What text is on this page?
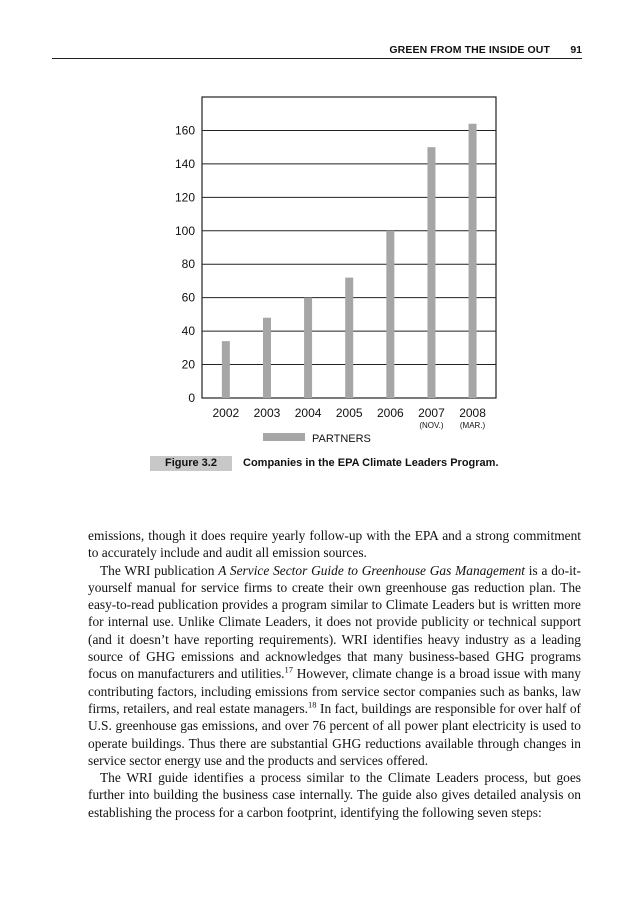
GREEN FROM THE INSIDE OUT 91
0
20
40
60
80
100
120
140
160
2002 2003 2004 2005 2006 2007
(NOV.)
2008
(MAR.)
PARTNERS
Figure 3.2	Companies in the EPA Climate Leaders Program.

emissions, though it does require yearly follow-up with the EPA and a strong commitment to accurately include and audit all emission sources.

The WRI publication A Service Sector Guide to Greenhouse Gas Management is a do-it-yourself manual for service firms to create their own greenhouse gas reduction plan. The easy-to-read publication provides a program similar to Climate Leaders but is written more for internal use. Unlike Climate Leaders, it does not provide publicity or technical support (and it doesn’t have reporting requirements). WRI identifies heavy industry as a leading source of GHG emissions and acknowledges that many business-based GHG programs focus on manufacturers and utilities.$^{17}$ However, climate change is a broad issue with many contributing factors, including emissions from service sector companies such as banks, law firms, retailers, and real estate managers.$^{18}$ In fact, buildings are responsible for over half of U.S. greenhouse gas emissions, and over 76 percent of all power plant electricity is used to operate buildings. Thus there are substantial GHG reductions available through changes in service sector energy use and the products and services offered.

The WRI guide identifies a process similar to the Climate Leaders process, but goes further into building the business case internally. The guide also gives detailed analysis on establishing the process for a carbon footprint, identifying the following seven steps:
